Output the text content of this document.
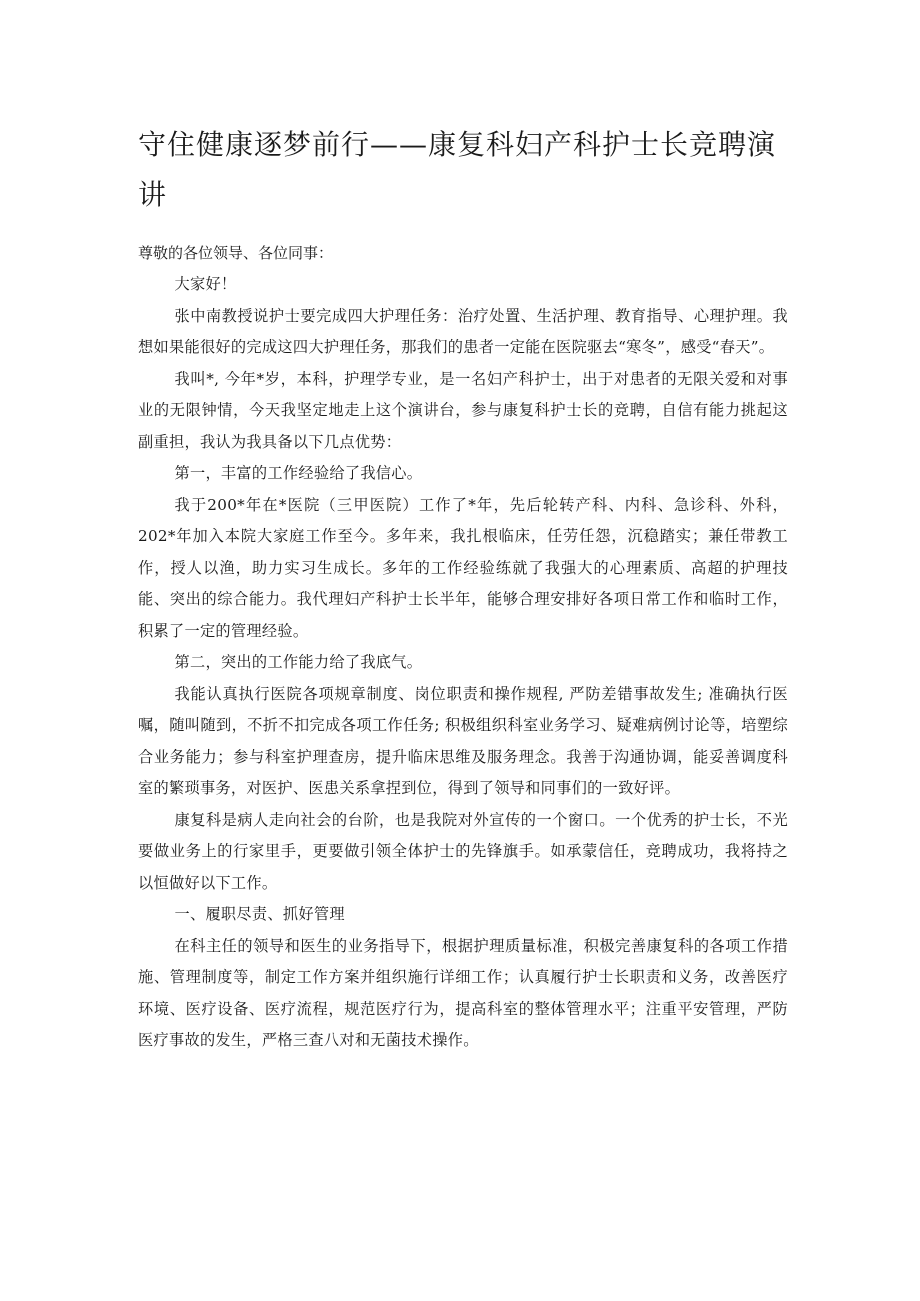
守住健康逐梦前行——康复科妇产科护士长竞聘演讲

尊敬的各位领导、各位同事：

大家好！

张中南教授说护士要完成四大护理任务：治疗处置、生活护理、教育指导、心理护理。我想如果能很好的完成这四大护理任务，那我们的患者一定能在医院驱去“寒冬”，感受“春天”。

我叫*, 今年*岁，本科，护理学专业，是一名妇产科护士，出于对患者的无限关爱和对事业的无限钟情，今天我坚定地走上这个演讲台，参与康复科护士长的竞聘，自信有能力挑起这副重担，我认为我具备以下几点优势：

第一，丰富的工作经验给了我信心。

我于200*年在*医院（三甲医院）工作了*年，先后轮转产科、内科、急诊科、外科，202*年加入本院大家庭工作至今。多年来，我扎根临床，任劳任怨，沉稳踏实；兼任带教工作，授人以渔，助力实习生成长。多年的工作经验练就了我强大的心理素质、高超的护理技能、突出的综合能力。我代理妇产科护士长半年，能够合理安排好各项日常工作和临时工作，积累了一定的管理经验。

第二，突出的工作能力给了我底气。

我能认真执行医院各项规章制度、岗位职责和操作规程, 严防差错事故发生; 准确执行医嘱，随叫随到，不折不扣完成各项工作任务; 积极组织科室业务学习、疑难病例讨论等，培塑综合业务能力；参与科室护理查房，提升临床思维及服务理念。我善于沟通协调，能妥善调度科室的繁琐事务，对医护、医患关系拿捏到位，得到了领导和同事们的一致好评。

康复科是病人走向社会的台阶，也是我院对外宣传的一个窗口。一个优秀的护士长，不光要做业务上的行家里手，更要做引领全体护士的先锋旗手。如承蒙信任，竞聘成功，我将持之以恒做好以下工作。

一、履职尽责、抓好管理

在科主任的领导和医生的业务指导下，根据护理质量标准，积极完善康复科的各项工作措施、管理制度等，制定工作方案并组织施行详细工作；认真履行护士长职责和义务，改善医疗环境、医疗设备、医疗流程，规范医疗行为，提高科室的整体管理水平；注重平安管理，严防医疗事故的发生，严格三查八对和无菌技术操作。
